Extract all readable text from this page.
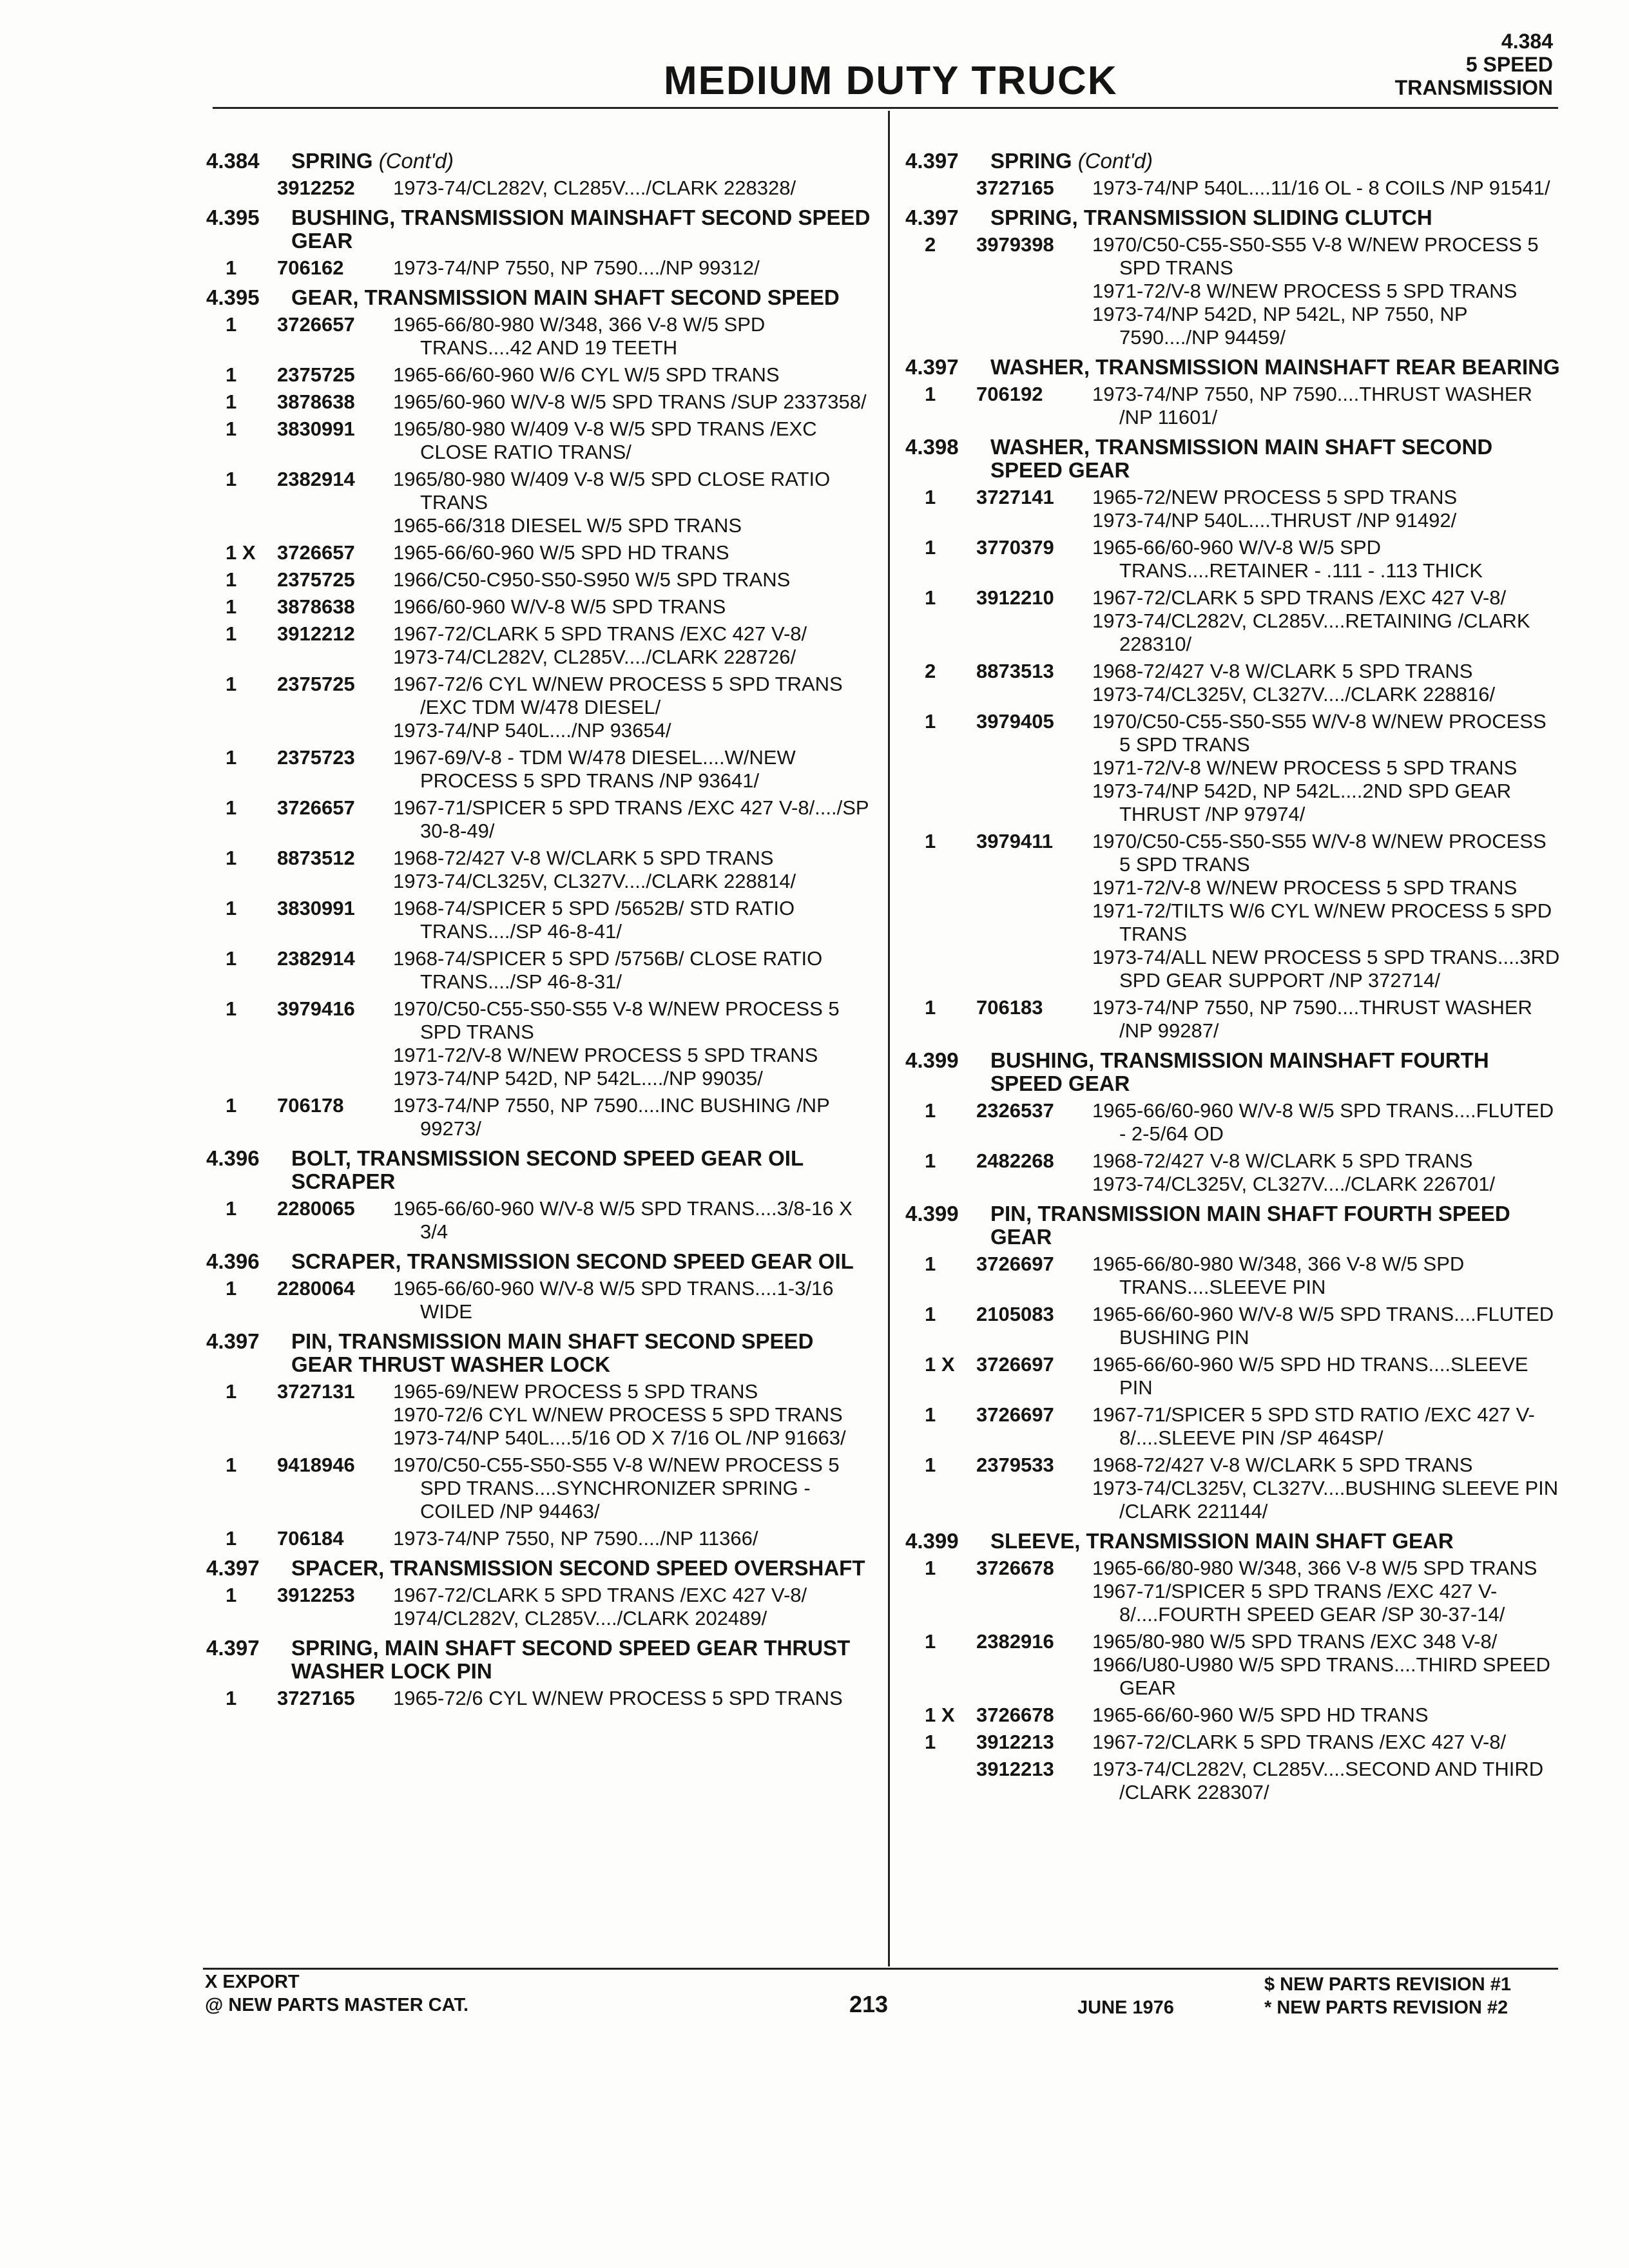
MEDIUM DUTY TRUCK
4.384
5 SPEED
TRANSMISSION
4.384 SPRING (Cont'd)
3912252 1973-74/CL282V, CL285V..../CLARK 228328/
4.395 BUSHING, TRANSMISSION MAINSHAFT SECOND SPEED GEAR
1 706162 1973-74/NP 7550, NP 7590..../NP 99312/
4.395 GEAR, TRANSMISSION MAIN SHAFT SECOND SPEED
1 3726657 1965-66/80-980 W/348, 366 V-8 W/5 SPD TRANS....42 AND 19 TEETH
1 2375725 1965-66/60-960 W/6 CYL W/5 SPD TRANS
1 3878638 1965/60-960 W/V-8 W/5 SPD TRANS /SUP 2337358/
1 3830991 1965/80-980 W/409 V-8 W/5 SPD TRANS /EXC CLOSE RATIO TRANS/
1 2382914 1965/80-980 W/409 V-8 W/5 SPD CLOSE RATIO TRANS
1965-66/318 DIESEL W/5 SPD TRANS
1 X 3726657 1965-66/60-960 W/5 SPD HD TRANS
1 2375725 1966/C50-C950-S50-S950 W/5 SPD TRANS
1 3878638 1966/60-960 W/V-8 W/5 SPD TRANS
1 3912212 1967-72/CLARK 5 SPD TRANS /EXC 427 V-8/
1973-74/CL282V, CL285V..../CLARK 228726/
1 2375725 1967-72/6 CYL W/NEW PROCESS 5 SPD TRANS /EXC TDM W/478 DIESEL/
1973-74/NP 540L..../NP 93654/
1 2375723 1967-69/V-8 - TDM W/478 DIESEL....W/NEW PROCESS 5 SPD TRANS /NP 93641/
1 3726657 1967-71/SPICER 5 SPD TRANS /EXC 427 V-8/..../SP 30-8-49/
1 8873512 1968-72/427 V-8 W/CLARK 5 SPD TRANS
1973-74/CL325V, CL327V..../CLARK 228814/
1 3830991 1968-74/SPICER 5 SPD /5652B/ STD RATIO TRANS..../SP 46-8-41/
1 2382914 1968-74/SPICER 5 SPD /5756B/ CLOSE RATIO TRANS..../SP 46-8-31/
1 3979416 1970/C50-C55-S50-S55 V-8 W/NEW PROCESS 5 SPD TRANS
1971-72/V-8 W/NEW PROCESS 5 SPD TRANS
1973-74/NP 542D, NP 542L..../NP 99035/
1 706178 1973-74/NP 7550, NP 7590....INC BUSHING /NP 99273/
4.396 BOLT, TRANSMISSION SECOND SPEED GEAR OIL SCRAPER
1 2280065 1965-66/60-960 W/V-8 W/5 SPD TRANS....3/8-16 X 3/4
4.396 SCRAPER, TRANSMISSION SECOND SPEED GEAR OIL
1 2280064 1965-66/60-960 W/V-8 W/5 SPD TRANS....1-3/16 WIDE
4.397 PIN, TRANSMISSION MAIN SHAFT SECOND SPEED GEAR THRUST WASHER LOCK
1 3727131 1965-69/NEW PROCESS 5 SPD TRANS
1970-72/6 CYL W/NEW PROCESS 5 SPD TRANS
1973-74/NP 540L....5/16 OD X 7/16 OL /NP 91663/
1 9418946 1970/C50-C55-S50-S55 V-8 W/NEW PROCESS 5 SPD TRANS....SYNCHRONIZER SPRING - COILED /NP 94463/
1 706184 1973-74/NP 7550, NP 7590..../NP 11366/
4.397 SPACER, TRANSMISSION SECOND SPEED OVERSHAFT
1 3912253 1967-72/CLARK 5 SPD TRANS /EXC 427 V-8/
1974/CL282V, CL285V..../CLARK 202489/
4.397 SPRING, MAIN SHAFT SECOND SPEED GEAR THRUST WASHER LOCK PIN
1 3727165 1965-72/6 CYL W/NEW PROCESS 5 SPD TRANS
4.397 SPRING (Cont'd)
3727165 1973-74/NP 540L....11/16 OL - 8 COILS /NP 91541/
4.397 SPRING, TRANSMISSION SLIDING CLUTCH
2 3979398 1970/C50-C55-S50-S55 V-8 W/NEW PROCESS 5 SPD TRANS
1971-72/V-8 W/NEW PROCESS 5 SPD TRANS
1973-74/NP 542D, NP 542L, NP 7550, NP 7590..../NP 94459/
4.397 WASHER, TRANSMISSION MAINSHAFT REAR BEARING
1 706192 1973-74/NP 7550, NP 7590....THRUST WASHER /NP 11601/
4.398 WASHER, TRANSMISSION MAIN SHAFT SECOND SPEED GEAR
1 3727141 1965-72/NEW PROCESS 5 SPD TRANS
1973-74/NP 540L....THRUST /NP 91492/
1 3770379 1965-66/60-960 W/V-8 W/5 SPD TRANS....RETAINER - .111 - .113 THICK
1 3912210 1967-72/CLARK 5 SPD TRANS /EXC 427 V-8/
1973-74/CL282V, CL285V....RETAINING /CLARK 228310/
2 8873513 1968-72/427 V-8 W/CLARK 5 SPD TRANS
1973-74/CL325V, CL327V..../CLARK 228816/
1 3979405 1970/C50-C55-S50-S55 W/V-8 W/NEW PROCESS 5 SPD TRANS
1971-72/V-8 W/NEW PROCESS 5 SPD TRANS
1973-74/NP 542D, NP 542L....2ND SPD GEAR THRUST /NP 97974/
1 3979411 1970/C50-C55-S50-S55 W/V-8 W/NEW PROCESS 5 SPD TRANS
1971-72/V-8 W/NEW PROCESS 5 SPD TRANS
1971-72/TILTS W/6 CYL W/NEW PROCESS 5 SPD TRANS
1973-74/ALL NEW PROCESS 5 SPD TRANS....3RD SPD GEAR SUPPORT /NP 372714/
1 706183 1973-74/NP 7550, NP 7590....THRUST WASHER /NP 99287/
4.399 BUSHING, TRANSMISSION MAINSHAFT FOURTH SPEED GEAR
1 2326537 1965-66/60-960 W/V-8 W/5 SPD TRANS....FLUTED - 2-5/64 OD
1 2482268 1968-72/427 V-8 W/CLARK 5 SPD TRANS
1973-74/CL325V, CL327V..../CLARK 226701/
4.399 PIN, TRANSMISSION MAIN SHAFT FOURTH SPEED GEAR
1 3726697 1965-66/80-980 W/348, 366 V-8 W/5 SPD TRANS....SLEEVE PIN
1 2105083 1965-66/60-960 W/V-8 W/5 SPD TRANS....FLUTED BUSHING PIN
1 X 3726697 1965-66/60-960 W/5 SPD HD TRANS....SLEEVE PIN
1 3726697 1967-71/SPICER 5 SPD STD RATIO /EXC 427 V-8/....SLEEVE PIN /SP 464SP/
1 2379533 1968-72/427 V-8 W/CLARK 5 SPD TRANS
1973-74/CL325V, CL327V....BUSHING SLEEVE PIN /CLARK 221144/
4.399 SLEEVE, TRANSMISSION MAIN SHAFT GEAR
1 3726678 1965-66/80-980 W/348, 366 V-8 W/5 SPD TRANS
1967-71/SPICER 5 SPD TRANS /EXC 427 V-8/....FOURTH SPEED GEAR /SP 30-37-14/
1 2382916 1965/80-980 W/5 SPD TRANS /EXC 348 V-8/
1966/U80-U980 W/5 SPD TRANS....THIRD SPEED GEAR
1 X 3726678 1965-66/60-960 W/5 SPD HD TRANS
1 3912213 1967-72/CLARK 5 SPD TRANS /EXC 427 V-8/
3912213 1973-74/CL282V, CL285V....SECOND AND THIRD /CLARK 228307/
X EXPORT
@ NEW PARTS MASTER CAT.	213	JUNE 1976
$ NEW PARTS REVISION #1
* NEW PARTS REVISION #2
